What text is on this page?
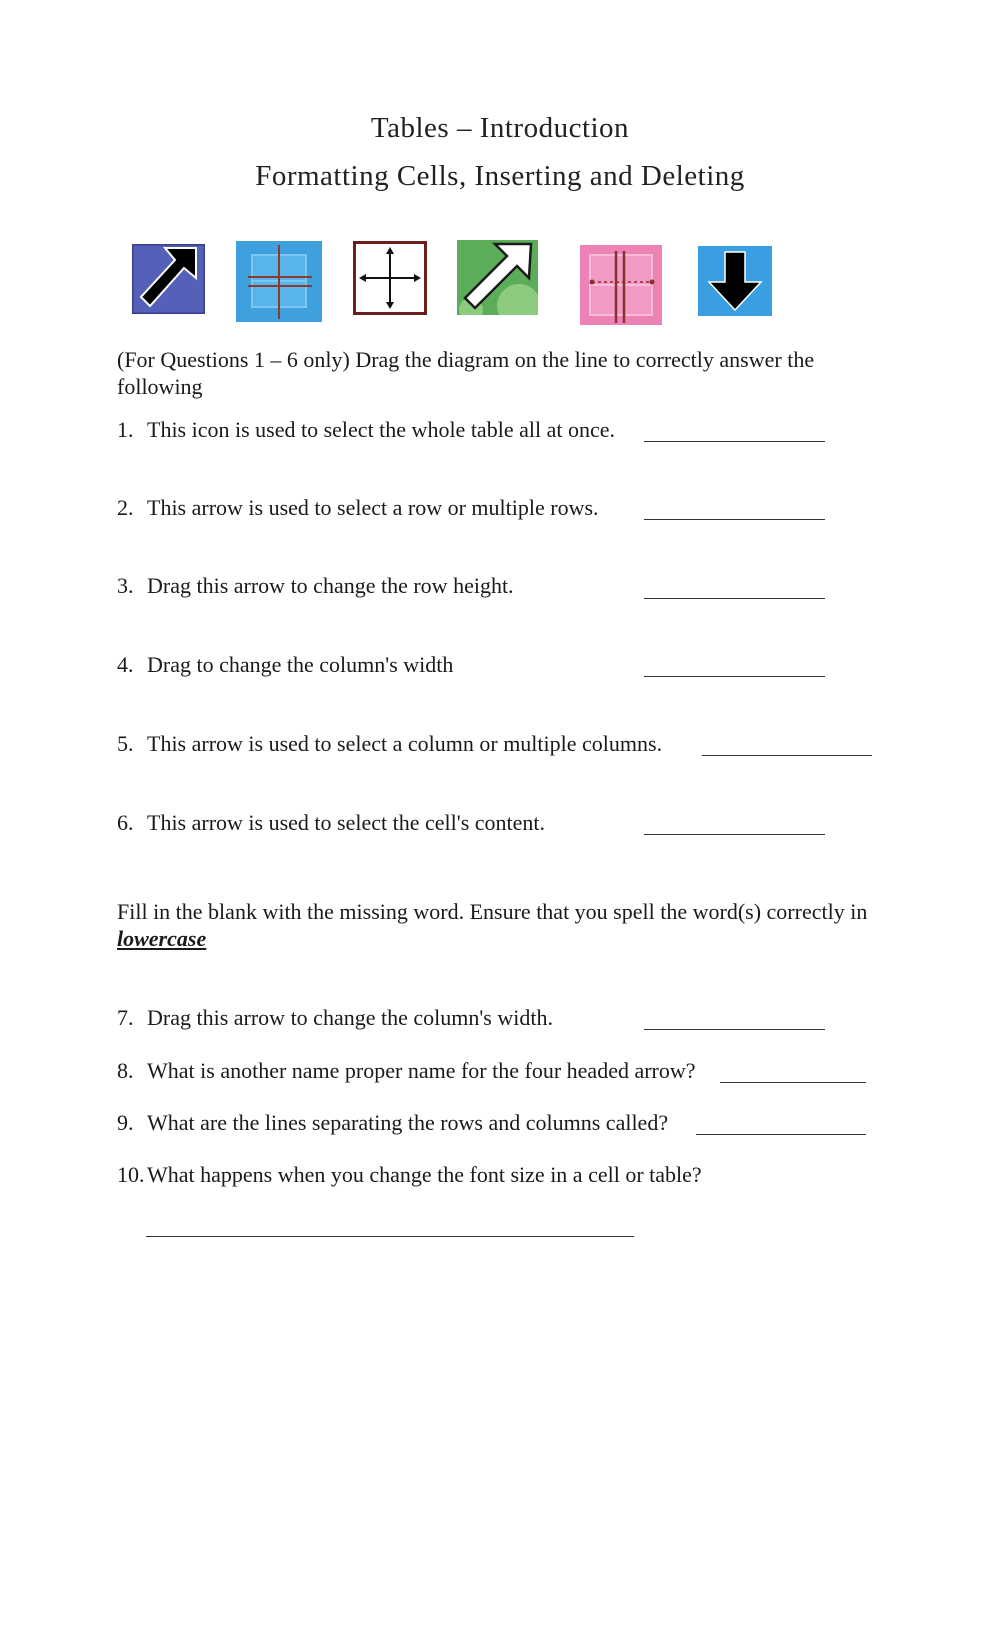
Tables – Introduction
Formatting Cells, Inserting and Deleting
(For Questions 1 – 6 only) Drag the diagram on the line to correctly answer the following
1. This icon is used to select the whole table all at once.
2. This arrow is used to select a row or multiple rows.
3. Drag this arrow to change the row height.
4. Drag to change the column's width
5. This arrow is used to select a column or multiple columns.
6. This arrow is used to select the cell's content.
Fill in the blank with the missing word. Ensure that you spell the word(s) correctly in lowercase
7. Drag this arrow to change the column's width.
8. What is another name proper name for the four headed arrow?
9. What are the lines separating the rows and columns called?
10. What happens when you change the font size in a cell or table?
